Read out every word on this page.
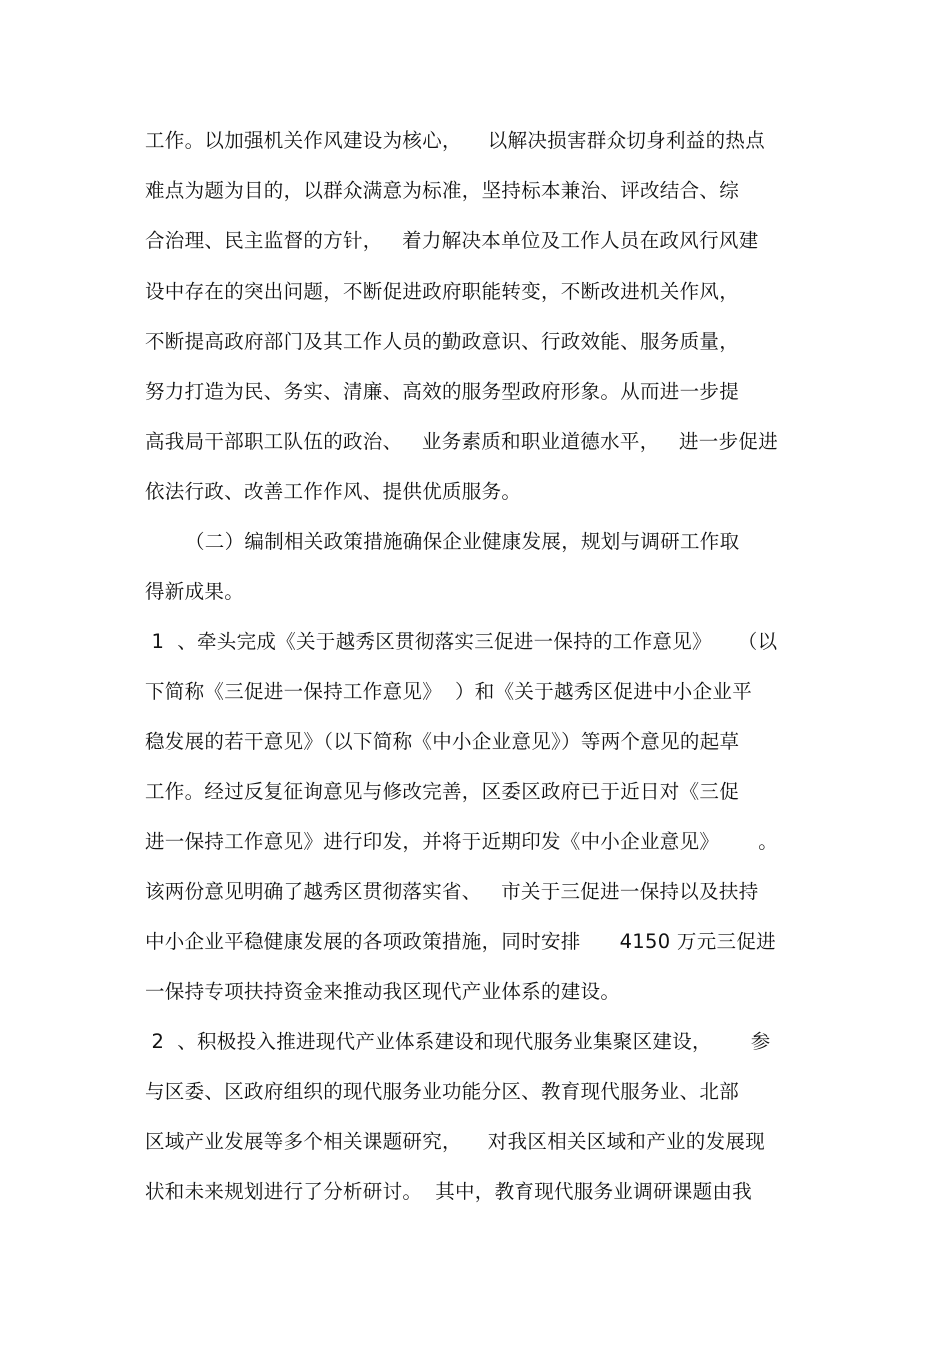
工作。以加强机关作风建设为核心，    以解决损害群众切身利益的热点
难点为题为目的，以群众满意为标准，坚持标本兼治、评改结合、综
合治理、民主监督的方针，   着力解决本单位及工作人员在政风行风建
设中存在的突出问题，不断促进政府职能转变，不断改进机关作风，
不断提高政府部门及其工作人员的勤政意识、行政效能、服务质量，
努力打造为民、务实、清廉、高效的服务型政府形象。从而进一步提
高我局干部职工队伍的政治、   业务素质和职业道德水平，   进一步促进
依法行政、改善工作作风、提供优质服务。
（二）编制相关政策措施确保企业健康发展，规划与调研工作取
得新成果。
1  、牵头完成《关于越秀区贯彻落实三促进一保持的工作意见》    （以
下简称《三促进一保持工作意见》  ）和《关于越秀区促进中小企业平
稳发展的若干意见》（以下简称《中小企业意见》）等两个意见的起草
工作。经过反复征询意见与修改完善，区委区政府已于近日对《三促
进一保持工作意见》进行印发，并将于近期印发《中小企业意见》      。
该两份意见明确了越秀区贯彻落实省、   市关于三促进一保持以及扶持
中小企业平稳健康发展的各项政策措施，同时安排      4150 万元三促进
一保持专项扶持资金来推动我区现代产业体系的建设。
2  、积极投入推进现代产业体系建设和现代服务业集聚区建设，      参
与区委、区政府组织的现代服务业功能分区、教育现代服务业、北部
区域产业发展等多个相关课题研究，    对我区相关区域和产业的发展现
状和未来规划进行了分析研讨。  其中，教育现代服务业调研课题由我
